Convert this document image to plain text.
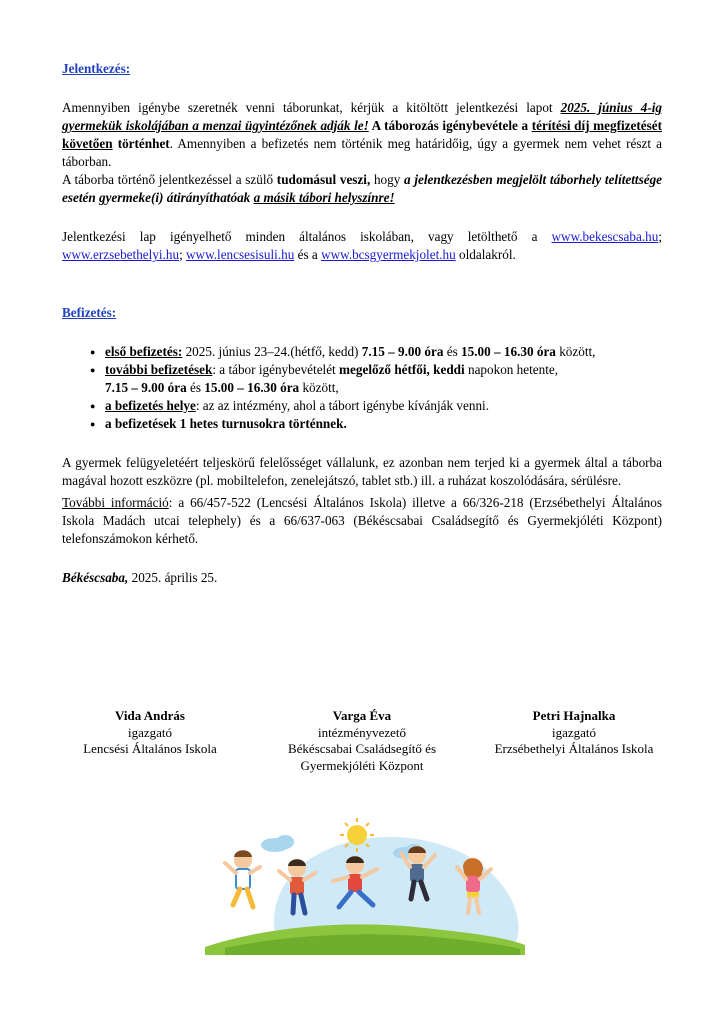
Jelentkezés:

Amennyiben igénybe szeretnék venni táborunkat, kérjük a kitöltött jelentkezési lapot 2025. június 4-ig gyermekük iskolájában a menzai ügyintézőnek adják le! A táborozás igénybevétele a térítési díj megfizetését követően történhet. Amennyiben a befizetés nem történik meg határidőig, úgy a gyermek nem vehet részt a táborban.

A táborba történő jelentkezéssel a szülő tudomásul veszi, hogy a jelentkezésben megjelölt táborhely telítettsége esetén gyermeke(i) átirányíthatóak a másik tábori helyszínre!

Jelentkezési lap igényelhető minden általános iskolában, vagy letölthető a www.bekescsaba.hu; www.erzsebethelyi.hu; www.lencsesisuli.hu és a www.bcsgyermekjolet.hu oldalakról.

Befizetés:

● első befizetés: 2025. június 23–24.(hétfő, kedd) 7.15 – 9.00 óra és 15.00 – 16.30 óra között,
● további befizetések: a tábor igénybevételét megelőző hétfői, keddi napokon hetente,
7.15 – 9.00 óra és 15.00 – 16.30 óra között,
● a befizetés helye: az az intézmény, ahol a tábort igénybe kívánják venni.
● a befizetések 1 hetes turnusokra történnek.

A gyermek felügyeletéért teljeskörű felelősséget vállalunk, ez azonban nem terjed ki a gyermek által a táborba magával hozott eszközre (pl. mobiltelefon, zenelejátszó, tablet stb.) ill. a ruházat koszolódására, sérülésre.

További információ: a 66/457-522 (Lencsési Általános Iskola) illetve a 66/326-218 (Erzsébethelyi Általános Iskola Madách utcai telephely) és a 66/637-063 (Békéscsabai Családsegítő és Gyermekjóléti Központ) telefonszámokon kérhető.

Békéscsaba, 2025. április 25.

Vida András
igazgató
Lencsési Általános Iskola
Varga Éva
intézményvezető
Békéscsabai Családsegítő és Gyermekjóléti Központ
Petri Hajnalka
igazgató
Erzsébethelyi Általános Iskola
